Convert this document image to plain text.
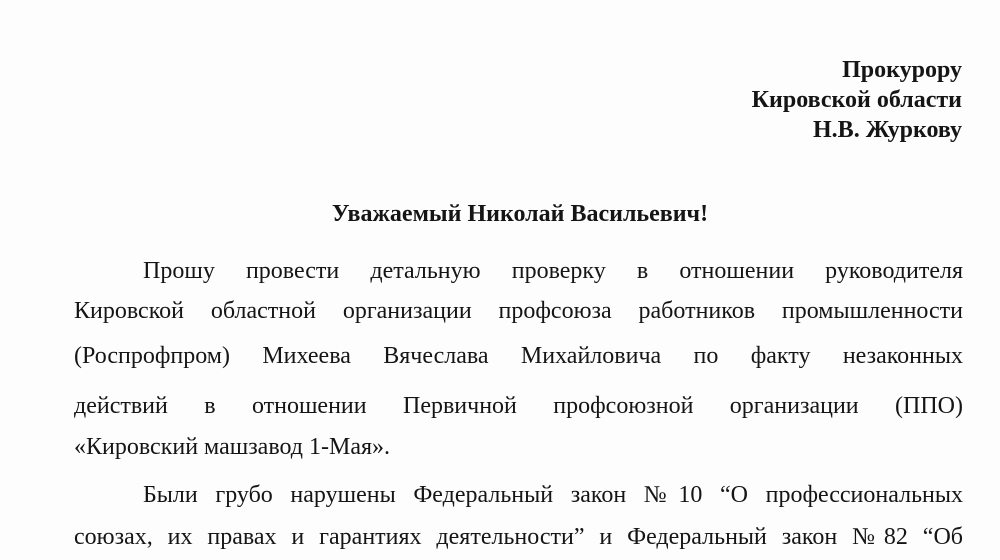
Прокурору
Кировской области
Н.В. Журкову
Уважаемый Николай Васильевич!
Прошу провести детальную проверку в отношении руководителя
Кировской областной организации профсоюза работников промышленности
(Роспрофпром) Михеева Вячеслава Михайловича по факту незаконных
действий в отношении Первичной профсоюзной организации (ППО)
«Кировский машзавод 1-Мая».
Были грубо нарушены Федеральный закон №10 “О профессиональных
союзах, их правах и гарантиях деятельности” и Федеральный закон №82 “Об
